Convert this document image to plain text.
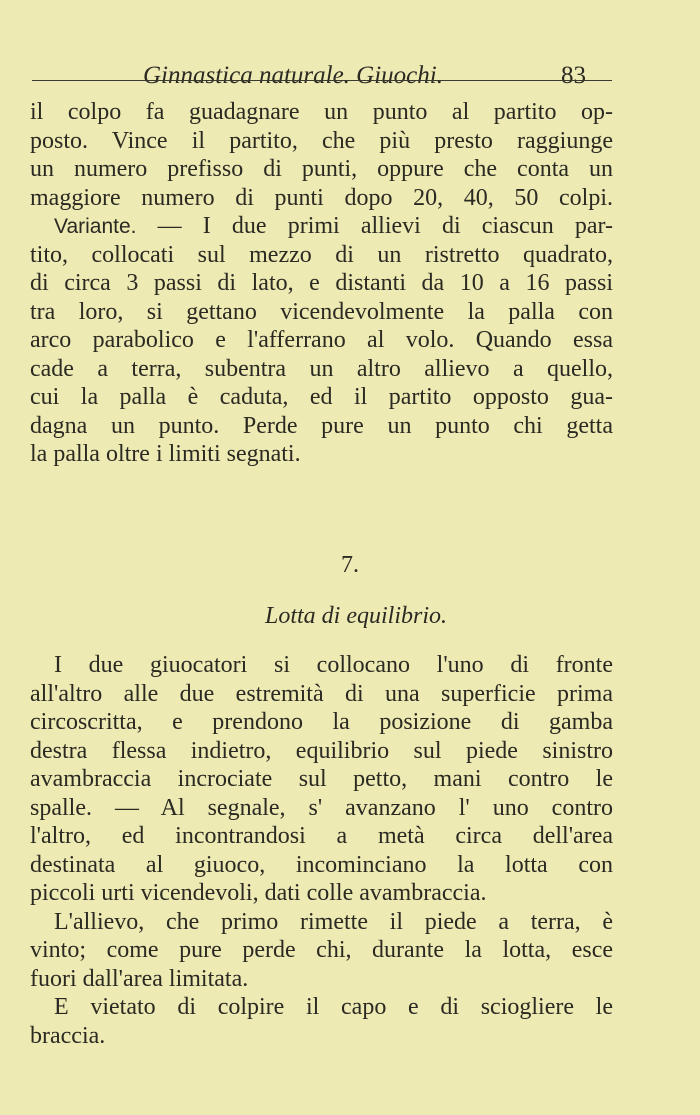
Ginnastica naturale. Giuochi.	83
il colpo fa guadagnare un punto al partito op-
posto. Vince il partito, che più presto raggiunge
un numero prefisso di punti, oppure che conta un
maggiore numero di punti dopo 20, 40, 50 colpi.
Variante. — I due primi allievi di ciascun par-
tito, collocati sul mezzo di un ristretto quadrato,
di circa 3 passi di lato, e distanti da 10 a 16 passi
tra loro, si gettano vicendevolmente la palla con
arco parabolico e l'afferrano al volo. Quando essa
cade a terra, subentra un altro allievo a quello,
cui la palla è caduta, ed il partito opposto gua-
dagna un punto. Perde pure un punto chi getta
la palla oltre i limiti segnati.
7.
Lotta di equilibrio.
I due giuocatori si collocano l'uno di fronte
all'altro alle due estremità di una superficie prima
circoscritta, e prendono la posizione di gamba
destra flessa indietro, equilibrio sul piede sinistro
avambraccia incrociate sul petto, mani contro le
spalle. — Al segnale, s' avanzano l' uno contro
l'altro, ed incontrandosi a metà circa dell'area
destinata al giuoco, incominciano la lotta con
piccoli urti vicendevoli, dati colle avambraccia.
L'allievo, che primo rimette il piede a terra, è
vinto; come pure perde chi, durante la lotta, esce
fuori dall'area limitata.
E vietato di colpire il capo e di sciogliere le
braccia.
